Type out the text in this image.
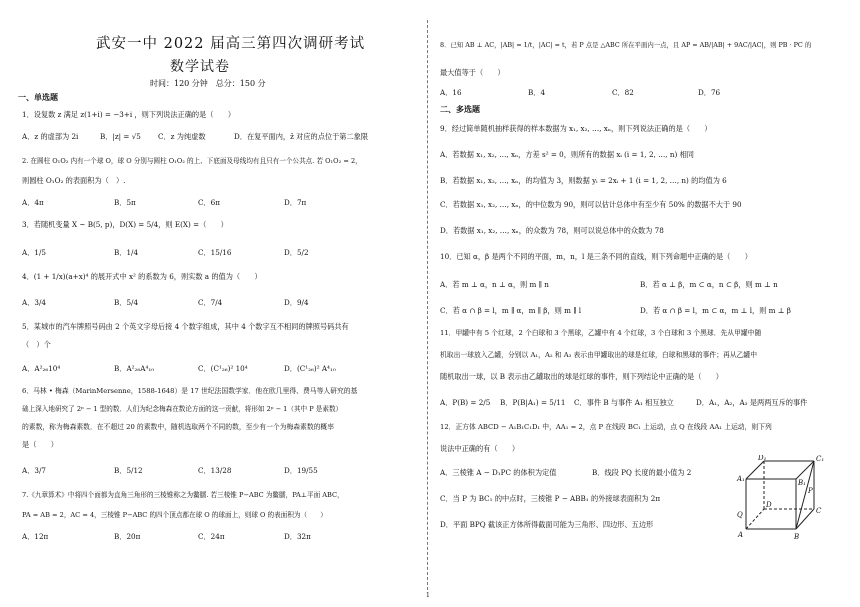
武安一中 2022 届高三第四次调研考试
数学试卷
时间：120 分钟　总分：150 分
一、单选题
1．设复数 z 满足 z(1+i) = −3+i ，则下列说法正确的是（　　）
A．z 的虚部为 2i	B．|z| = √5 C．z 为纯虚数	D．在复平面内，z̄ 对应的点位于第二象限
2. 在圆柱 O₁O₂ 内有一个球 O，球 O 分别与圆柱 O₁O₂ 的上、下底面及母线均有且只有一个公共点. 若 O₁O₂ = 2，
则圆柱 O₁O₂ 的表面积为（　）.
A．4π	B．5π	C．6π	D．7π
3．若随机变量 X ~ B(5, p)，D(X) = 5/4，则 E(X) =（　　）
A．1/5	B．1/4	C．15/16	D．5/2
4．(1 + 1/x)(a+x)⁴ 的展开式中 x² 的系数为 6，则实数 a 的值为（　　）
A．3/4	B．5/4	C．7/4	D．9/4
5．某城市的汽车牌照号码由 2 个英文字母后接 4 个数字组成，其中 4 个数字互不相同的牌照号码共有
（　）个
A．A²₂₆10⁴	B．A²₂₆A⁴₁₀	C．(C¹₂₆)² 10⁴	D．(C¹₂₆)² A⁴₁₀
6．马林 • 梅森（MarinMersenne，1588-1648）是 17 世纪法国数学家．他在欧几里得、费马等人研究的基
础上深入地研究了 2ᵖ − 1 型的数．人们为纪念梅森在数论方面的这一贡献，将形如 2ᵖ − 1（其中 P 是素数）
的素数，称为梅森素数．在不超过 20 的素数中，随机选取两个不同的数，至少有一个为梅森素数的概率
是（　　）
A．3/7	B．5/12	C．13/28	D．19/55
7.《九章算术》中将四个面都为直角三角形的三棱锥称之为鳖臑. 若三棱锥 P−ABC 为鳖臑，PA⊥平面 ABC，
PA = AB = 2，AC = 4，三棱锥 P−ABC 的四个顶点都在球 O 的球面上，则球 O 的表面积为（　　）
A．12π	B．20π	C．24π	D．32π
8．已知 AB ⊥ AC，|AB| = 1/t，|AC| = t，若 P 点是 △ABC 所在平面内一点，且 AP = AB/|AB| + 9AC/|AC|，则 PB · PC 的
最大值等于（　　）
A．16	B．4	C．82	D．76
二、多选题
9．经过简单随机抽样获得的样本数据为 x₁, x₂, …, xₙ，则下列说法正确的是（　　）
A．若数据 x₁, x₂, …, xₙ，方差 s² = 0，则所有的数据 xᵢ (i = 1, 2, …, n) 相同
B．若数据 x₁, x₂, …, xₙ，的均值为 3，则数据 yᵢ = 2xᵢ + 1 (i = 1, 2, …, n) 的均值为 6
C．若数据 x₁, x₂, …, xₙ，的中位数为 90，则可以估计总体中有至少有 50% 的数据不大于 90
D．若数据 x₁, x₂, …, xₙ，的众数为 78，则可以说总体中的众数为 78
10．已知 α，β 是两个不同的平面，m，n，l 是三条不同的直线，则下列命题中正确的是（　　）
A．若 m ⊥ α，n ⊥ α，则 m ∥ n	B．若 α ⊥ β，m ⊂ α，n ⊂ β，则 m ⊥ n
C．若 α ∩ β = l，m ∥ α，m ∥ β，则 m ∥ l	D．若 α ∩ β = l，m ⊂ α，m ⊥ l，则 m ⊥ β
11．甲罐中有 5 个红球，2 个白球和 3 个黑球，乙罐中有 4 个红球，3 个白球和 3 个黑球．先从甲罐中随
机取出一球放入乙罐，分别以 A₁，A₂ 和 A₃ 表示由甲罐取出的球是红球，白球和黑球的事件；再从乙罐中
随机取出一球，以 B 表示由乙罐取出的球是红球的事件，则下列结论中正确的是（　　）
A．P(B) = 2/5 B．P(B|A₁) = 5/11 C．事件 B 与事件 A₁ 相互独立	D．A₁，A₂，A₃ 是两两互斥的事件
12．正方体 ABCD − A₁B₁C₁D₁ 中，AA₁ = 2，点 P 在线段 BC₁ 上运动，点 Q 在线段 AA₁ 上运动，则下列
说法中正确的有（　　）
A．三棱锥 A − D₁PC 的体积为定值	B．线段 PQ 长度的最小值为 2
C．当 P 为 BC₁ 的中点时，三棱锥 P − ABB₁ 的外接球表面积为 2π
D．平面 BPQ 截该正方体所得截面可能为三角形、四边形、五边形
D₁	C₁
A₁	B₁
P
D
C
Q
A	B
1
